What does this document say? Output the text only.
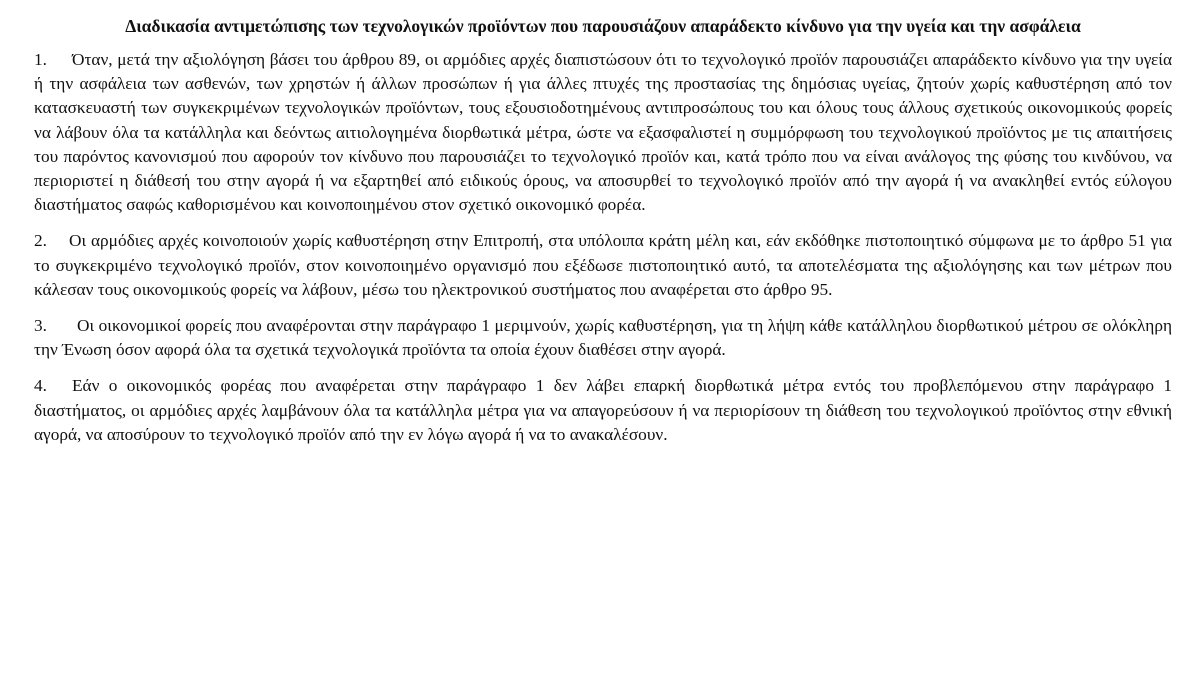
Διαδικασία αντιμετώπισης των τεχνολογικών προϊόντων που παρουσιάζουν απαράδεκτο κίνδυνο για την υγεία και την ασφάλεια

1. Όταν, μετά την αξιολόγηση βάσει του άρθρου 89, οι αρμόδιες αρχές διαπιστώσουν ότι το τεχνολογικό προϊόν παρουσιάζει απαράδεκτο κίνδυνο για την υγεία ή την ασφάλεια των ασθενών, των χρηστών ή άλλων προσώπων ή για άλλες πτυχές της προστασίας της δημόσιας υγείας, ζητούν χωρίς καθυστέρηση από τον κατασκευαστή των συγκεκριμένων τεχνολογικών προϊόντων, τους εξουσιοδοτημένους αντιπροσώπους του και όλους τους άλλους σχετικούς οικονομικούς φορείς να λάβουν όλα τα κατάλληλα και δεόντως αιτιολογημένα διορθωτικά μέτρα, ώστε να εξασφαλιστεί η συμμόρφωση του τεχνολογικού προϊόντος με τις απαιτήσεις του παρόντος κανονισμού που αφορούν τον κίνδυνο που παρουσιάζει το τεχνολογικό προϊόν και, κατά τρόπο που να είναι ανάλογος της φύσης του κινδύνου, να περιοριστεί η διάθεσή του στην αγορά ή να εξαρτηθεί από ειδικούς όρους, να αποσυρθεί το τεχνολογικό προϊόν από την αγορά ή να ανακληθεί εντός εύλογου διαστήματος σαφώς καθορισμένου και κοινοποιημένου στον σχετικό οικονομικό φορέα.

2. Οι αρμόδιες αρχές κοινοποιούν χωρίς καθυστέρηση στην Επιτροπή, στα υπόλοιπα κράτη μέλη και, εάν εκδόθηκε πιστοποιητικό σύμφωνα με το άρθρο 51 για το συγκεκριμένο τεχνολογικό προϊόν, στον κοινοποιημένο οργανισμό που εξέδωσε πιστοποιητικό αυτό, τα αποτελέσματα της αξιολόγησης και των μέτρων που κάλεσαν τους οικονομικούς φορείς να λάβουν, μέσω του ηλεκτρονικού συστήματος που αναφέρεται στο άρθρο 95.

3. Οι οικονομικοί φορείς που αναφέρονται στην παράγραφο 1 μεριμνούν, χωρίς καθυστέρηση, για τη λήψη κάθε κατάλληλου διορθωτικού μέτρου σε ολόκληρη την Ένωση όσον αφορά όλα τα σχετικά τεχνολογικά προϊόντα τα οποία έχουν διαθέσει στην αγορά.

4. Εάν ο οικονομικός φορέας που αναφέρεται στην παράγραφο 1 δεν λάβει επαρκή διορθωτικά μέτρα εντός του προβλεπόμενου στην παράγραφο 1 διαστήματος, οι αρμόδιες αρχές λαμβάνουν όλα τα κατάλληλα μέτρα για να απαγορεύσουν ή να περιορίσουν τη διάθεση του τεχνολογικού προϊόντος στην εθνική αγορά, να αποσύρουν το τεχνολογικό προϊόν από την εν λόγω αγορά ή να το ανακαλέσουν.
